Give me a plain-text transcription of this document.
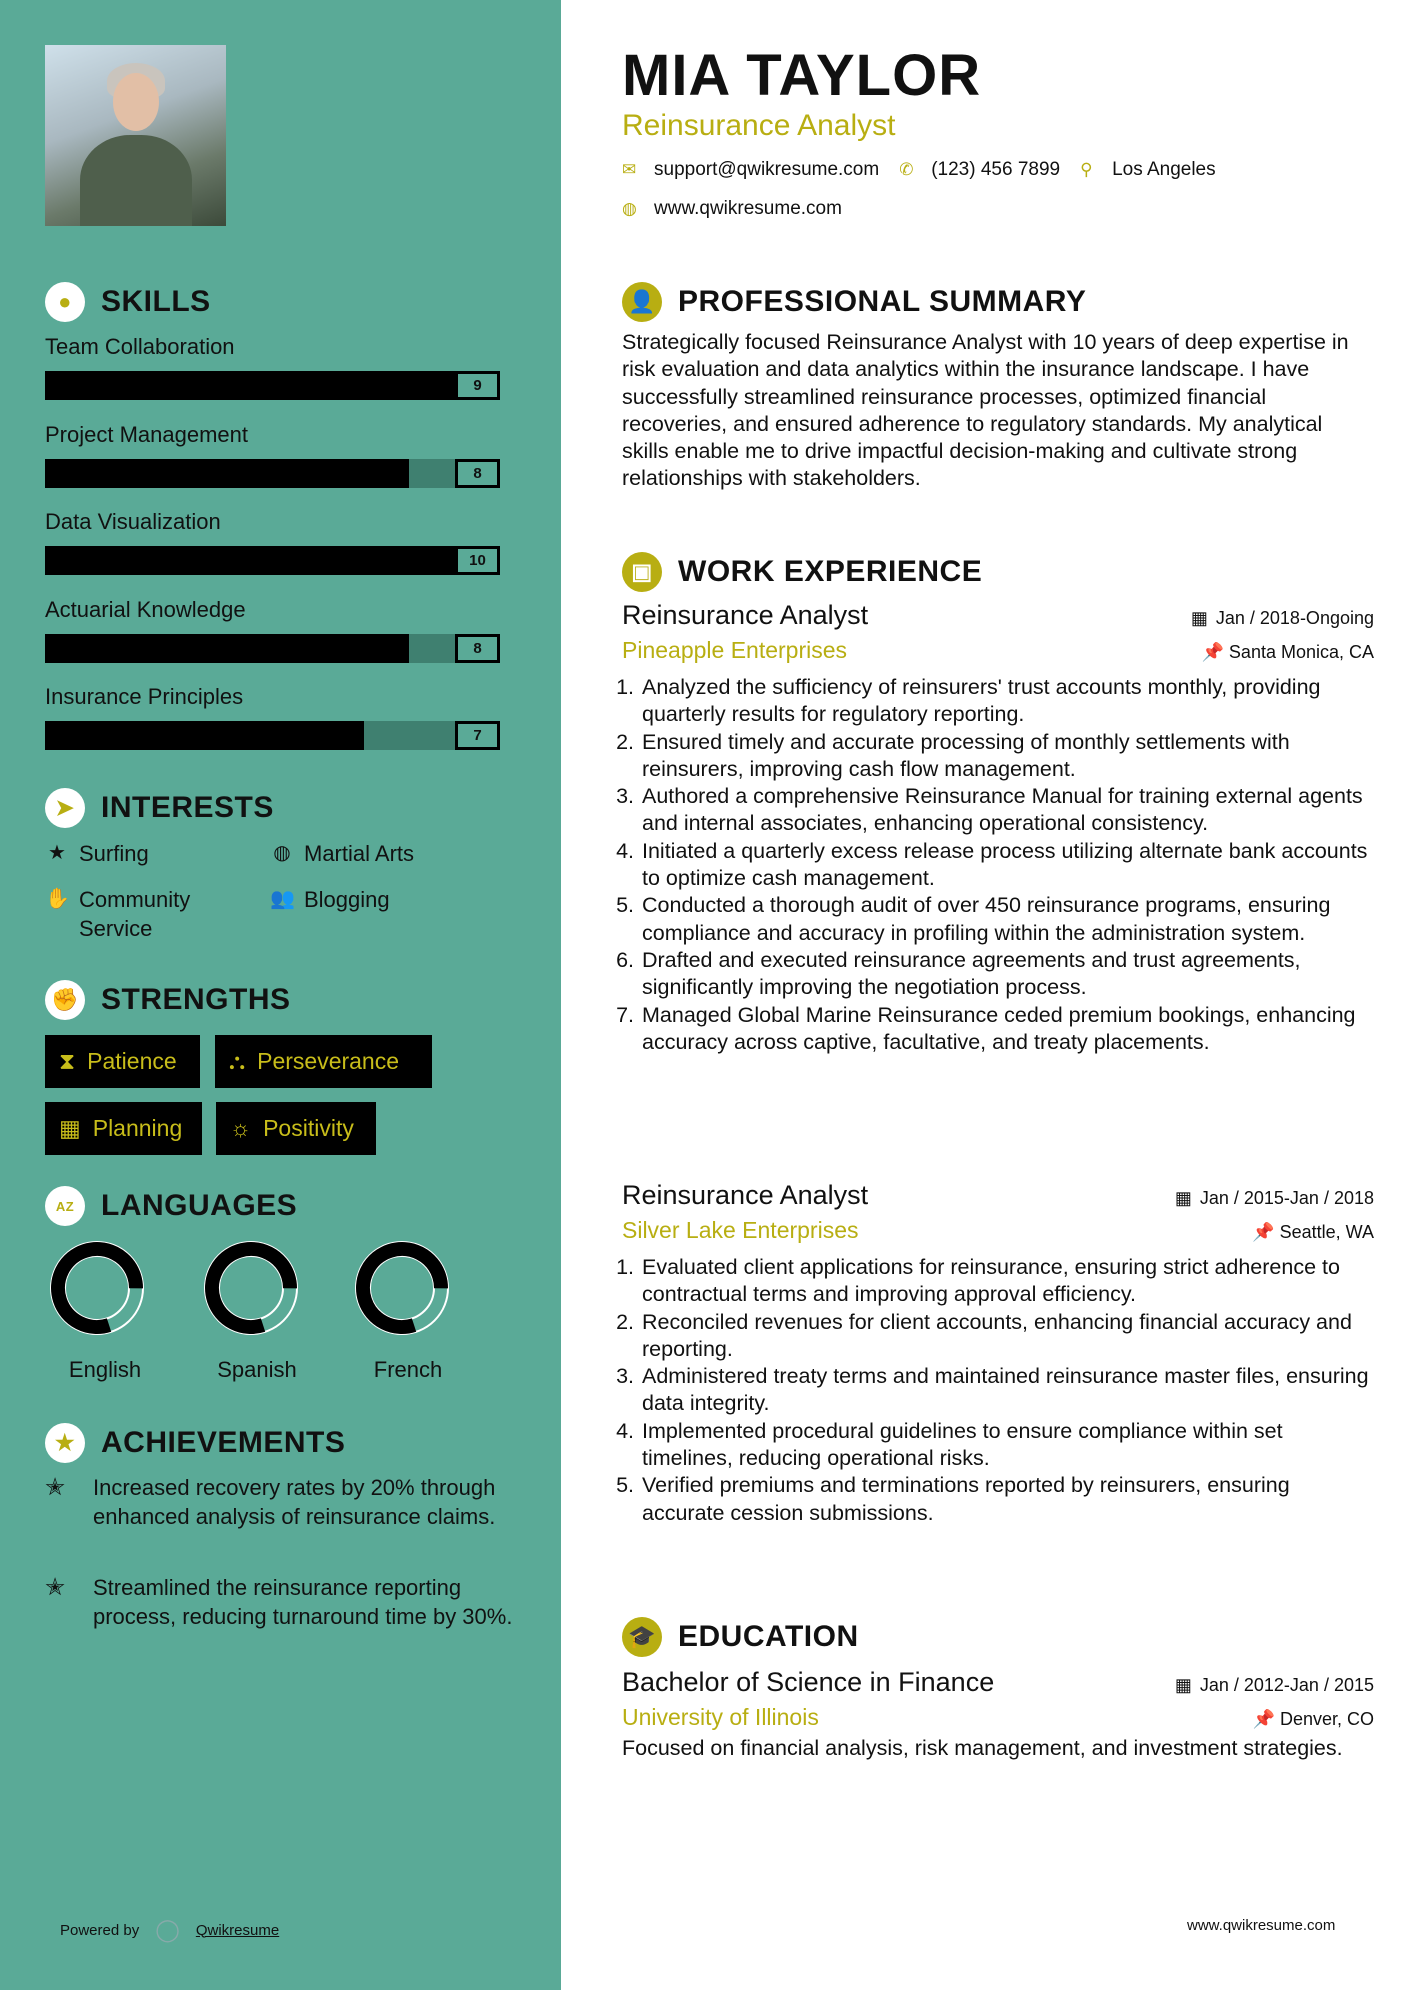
● SKILLS
Team Collaboration
9
Project Management
8
Data Visualization
10
Actuarial Knowledge
8
Insurance Principles
7
➤ INTERESTS
★ Surfing	◍ Martial Arts
✋ Community Service
👥 Blogging
✊ STRENGTHS
⧗ Patience ⛬ Perseverance
▦ Planning ☼ Positivity
AZ LANGUAGES
English	Spanish	French
★ ACHIEVEMENTS
✭	Increased recovery rates by 20% through enhanced analysis of reinsurance claims.
✭	Streamlined the reinsurance reporting process, reducing turnaround time by 30%.
Powered by ◯ Qwikresume
MIA TAYLOR
Reinsurance Analyst
✉ support@qwikresume.com ✆ (123) 456 7899 ⚲	Los Angeles
◍ www.qwikresume.com
👤 PROFESSIONAL SUMMARY

Strategically focused Reinsurance Analyst with 10 years of deep expertise in risk evaluation and data analytics within the insurance landscape. I have successfully streamlined reinsurance processes, optimized financial recoveries, and ensured adherence to regulatory standards. My analytical skills enable me to drive impactful decision-making and cultivate strong relationships with stakeholders.

▣ WORK EXPERIENCE
Reinsurance Analyst	▦ Jan / 2018-Ongoing
Pineapple Enterprises	📌 Santa Monica, CA
1. Analyzed the sufficiency of reinsurers' trust accounts monthly, providing quarterly results for regulatory reporting.
2. Ensured timely and accurate processing of monthly settlements with reinsurers, improving cash flow management.
3. Authored a comprehensive Reinsurance Manual for training external agents and internal associates, enhancing operational consistency.
4. Initiated a quarterly excess release process utilizing alternate bank accounts to optimize cash management.
5. Conducted a thorough audit of over 450 reinsurance programs, ensuring compliance and accuracy in profiling within the administration system.
6. Drafted and executed reinsurance agreements and trust agreements, significantly improving the negotiation process.
7. Managed Global Marine Reinsurance ceded premium bookings, enhancing accuracy across captive, facultative, and treaty placements.
Reinsurance Analyst	▦ Jan / 2015-Jan / 2018
Silver Lake Enterprises	📌 Seattle, WA
1. Evaluated client applications for reinsurance, ensuring strict adherence to contractual terms and improving approval efficiency.
2. Reconciled revenues for client accounts, enhancing financial accuracy and reporting.
3. Administered treaty terms and maintained reinsurance master files, ensuring data integrity.
4. Implemented procedural guidelines to ensure compliance within set timelines, reducing operational risks.
5. Verified premiums and terminations reported by reinsurers, ensuring accurate cession submissions.
🎓 EDUCATION
Bachelor of Science in Finance	▦ Jan / 2012-Jan / 2015
University of Illinois	📌 Denver, CO

Focused on financial analysis, risk management, and investment strategies.

www.qwikresume.com
